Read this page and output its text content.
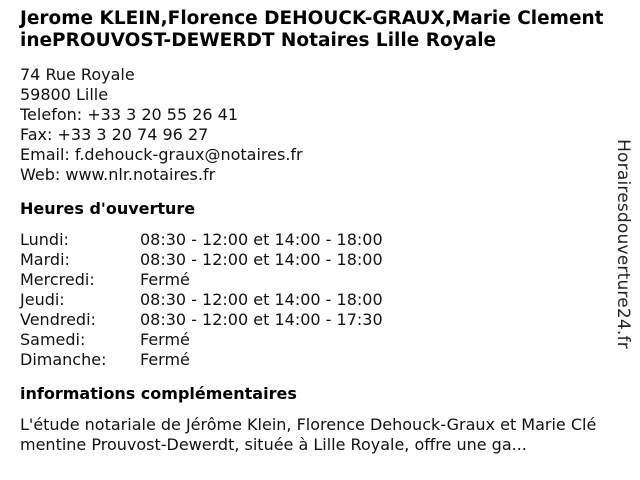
Jerome KLEIN,Florence DEHOUCK-GRAUX,Marie ClementinePROUVOST-DEWERDT Notaires Lille Royale
74 Rue Royale
59800 Lille
Telefon: +33 3 20 55 26 41
Fax: +33 3 20 74 96 27
Email: f.dehouck-graux@notaires.fr
Web: www.nlr.notaires.fr
Heures d'ouverture
Lundi:	08:30 - 12:00 et 14:00 - 18:00
Mardi:	08:30 - 12:00 et 14:00 - 18:00
Mercredi:	Fermé
Jeudi:	08:30 - 12:00 et 14:00 - 18:00
Vendredi:	08:30 - 12:00 et 14:00 - 17:30
Samedi:	Fermé
Dimanche:	Fermé
informations complémentaires
L'étude notariale de Jérôme Klein, Florence Dehouck-Graux et Marie Clémentine Prouvost-Dewerdt, située à Lille Royale, offre une ga...
Horairesdouverture24.fr
